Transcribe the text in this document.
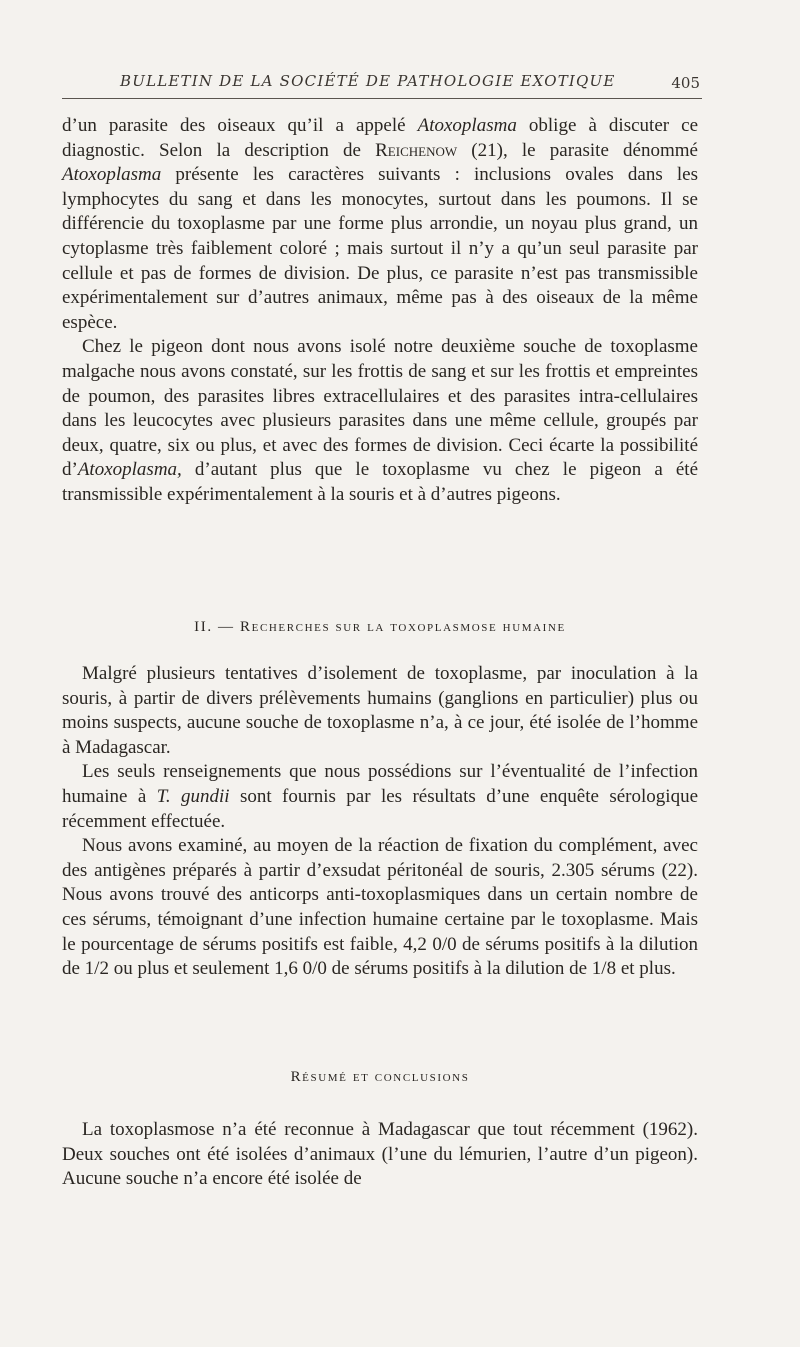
BULLETIN DE LA SOCIÉTÉ DE PATHOLOGIE EXOTIQUE	405

d’un parasite des oiseaux qu’il a appelé Atoxoplasma oblige à discuter ce diagnostic. Selon la description de Reichenow (21), le parasite dénommé Atoxoplasma présente les caractères suivants : inclusions ovales dans les lymphocytes du sang et dans les monocytes, surtout dans les poumons. Il se différencie du toxoplasme par une forme plus arrondie, un noyau plus grand, un cytoplasme très faiblement coloré ; mais surtout il n’y a qu’un seul parasite par cellule et pas de formes de division. De plus, ce parasite n’est pas transmissible expérimentalement sur d’autres animaux, même pas à des oiseaux de la même espèce.

Chez le pigeon dont nous avons isolé notre deuxième souche de toxoplasme malgache nous avons constaté, sur les frottis de sang et sur les frottis et empreintes de poumon, des parasites libres extracellulaires et des parasites intra-cellulaires dans les leucocytes avec plusieurs parasites dans une même cellule, groupés par deux, quatre, six ou plus, et avec des formes de division. Ceci écarte la possibilité d’Atoxoplasma, d’autant plus que le toxoplasme vu chez le pigeon a été transmissible expérimentalement à la souris et à d’autres pigeons.

II. — Recherches sur la toxoplasmose humaine

Malgré plusieurs tentatives d’isolement de toxoplasme, par inoculation à la souris, à partir de divers prélèvements humains (ganglions en particulier) plus ou moins suspects, aucune souche de toxoplasme n’a, à ce jour, été isolée de l’homme à Madagascar.

Les seuls renseignements que nous possédions sur l’éventualité de l’infection humaine à T. gundii sont fournis par les résultats d’une enquête sérologique récemment effectuée.

Nous avons examiné, au moyen de la réaction de fixation du complément, avec des antigènes préparés à partir d’exsudat péritonéal de souris, 2.305 sérums (22). Nous avons trouvé des anticorps anti-toxoplasmiques dans un certain nombre de ces sérums, témoignant d’une infection humaine certaine par le toxoplasme. Mais le pourcentage de sérums positifs est faible, 4,2 0/0 de sérums positifs à la dilution de 1/2 ou plus et seulement 1,6 0/0 de sérums positifs à la dilution de 1/8 et plus.

Résumé et conclusions

La toxoplasmose n’a été reconnue à Madagascar que tout récemment (1962). Deux souches ont été isolées d’animaux (l’une du lémurien, l’autre d’un pigeon). Aucune souche n’a encore été isolée de
